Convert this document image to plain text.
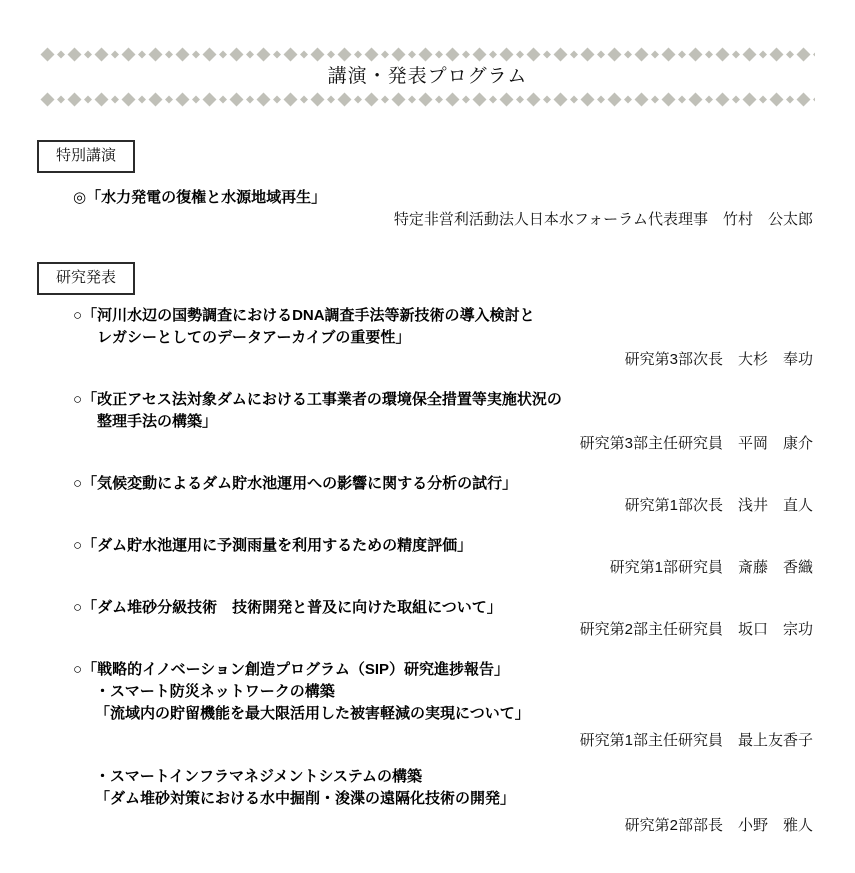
講演・発表プログラム
特別講演
◎「水力発電の復権と水源地域再生」
特定非営利活動法人日本水フォーラム代表理事　竹村　公太郎
研究発表
○「河川水辺の国勢調査におけるDNA調査手法等新技術の導入検討と
レガシーとしてのデータアーカイブの重要性」
研究第3部次長　大杉　奉功
○「改正アセス法対象ダムにおける工事業者の環境保全措置等実施状況の
整理手法の構築」
研究第3部主任研究員　平岡　康介
○「気候変動によるダム貯水池運用への影響に関する分析の試行」
研究第1部次長　浅井　直人
○「ダム貯水池運用に予測雨量を利用するための精度評価」
研究第1部研究員　斎藤　香織
○「ダム堆砂分級技術　技術開発と普及に向けた取組について」
研究第2部主任研究員　坂口　宗功
○「戦略的イノベーション創造プログラム（SIP）研究進捗報告」
・スマート防災ネットワークの構築
「流域内の貯留機能を最大限活用した被害軽減の実現について」
研究第1部主任研究員　最上友香子
・スマートインフラマネジメントシステムの構築
「ダム堆砂対策における水中掘削・浚渫の遠隔化技術の開発」
研究第2部部長　小野　雅人
